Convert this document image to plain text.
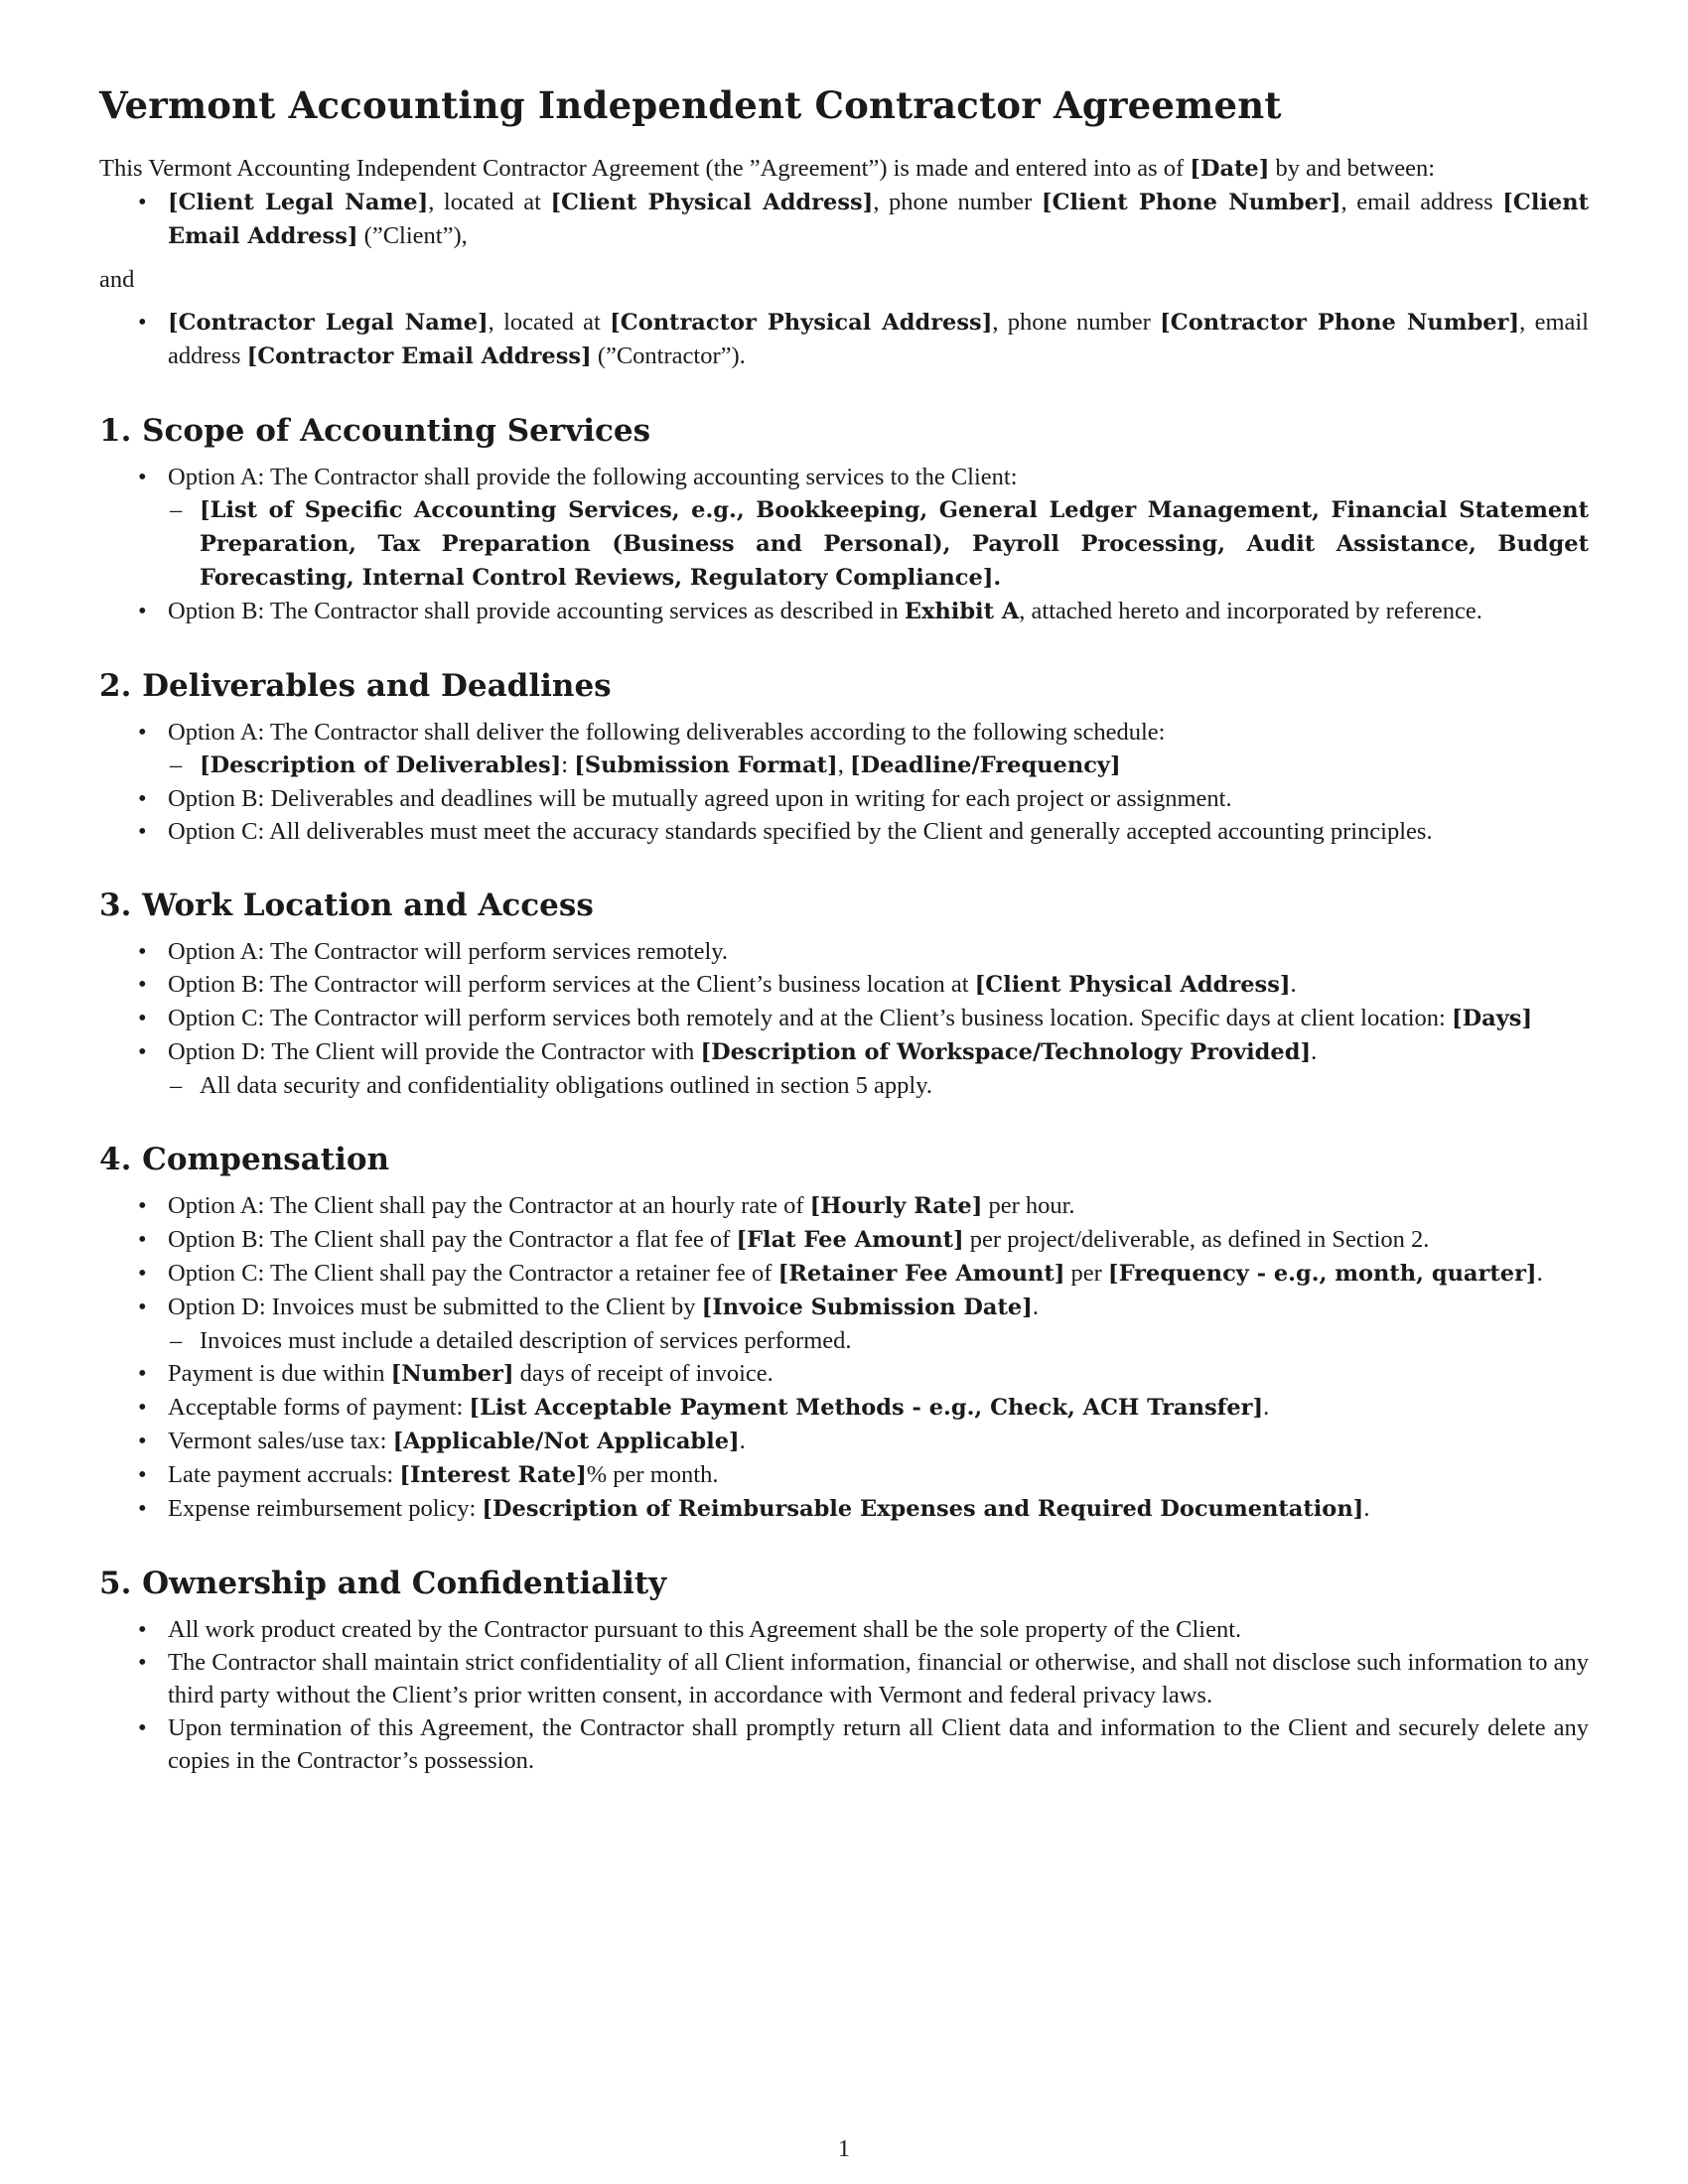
Vermont Accounting Independent Contractor Agreement

This Vermont Accounting Independent Contractor Agreement (the ”Agreement”) is made and entered into as of [Date] by and between:

• [Client Legal Name], located at [Client Physical Address], phone number [Client Phone Number], email address [Client Email Address] (”Client”),

and

• [Contractor Legal Name], located at [Contractor Physical Address], phone number [Contractor Phone Number], email address [Contractor Email Address] (”Contractor”).
1. Scope of Accounting Services
• Option A: The Contractor shall provide the following accounting services to the Client:
– [List of Specific Accounting Services, e.g., Bookkeeping, General Ledger Management, Financial Statement Preparation, Tax Preparation (Business and Personal), Payroll Processing, Audit Assistance, Budget Forecasting, Internal Control Reviews, Regulatory Compliance].
• Option B: The Contractor shall provide accounting services as described in Exhibit A, attached hereto and incorporated by reference.
2. Deliverables and Deadlines
• Option A: The Contractor shall deliver the following deliverables according to the following schedule:
– [Description of Deliverables]: [Submission Format], [Deadline/Frequency]
• Option B: Deliverables and deadlines will be mutually agreed upon in writing for each project or assignment.
• Option C: All deliverables must meet the accuracy standards specified by the Client and generally accepted accounting principles.
3. Work Location and Access
• Option A: The Contractor will perform services remotely.
• Option B: The Contractor will perform services at the Client’s business location at [Client Physical Address].
• Option C: The Contractor will perform services both remotely and at the Client’s business location. Specific days at client location: [Days]
• Option D: The Client will provide the Contractor with [Description of Workspace/Technology Provided].
– All data security and confidentiality obligations outlined in section 5 apply.
4. Compensation
• Option A: The Client shall pay the Contractor at an hourly rate of [Hourly Rate] per hour.
• Option B: The Client shall pay the Contractor a flat fee of [Flat Fee Amount] per project/deliverable, as defined in Section 2.
• Option C: The Client shall pay the Contractor a retainer fee of [Retainer Fee Amount] per [Frequency - e.g., month, quarter].
• Option D: Invoices must be submitted to the Client by [Invoice Submission Date].
– Invoices must include a detailed description of services performed.
• Payment is due within [Number] days of receipt of invoice.
• Acceptable forms of payment: [List Acceptable Payment Methods - e.g., Check, ACH Transfer].
• Vermont sales/use tax: [Applicable/Not Applicable].
• Late payment accruals: [Interest Rate]% per month.
• Expense reimbursement policy: [Description of Reimbursable Expenses and Required Documentation].
5. Ownership and Confidentiality
• All work product created by the Contractor pursuant to this Agreement shall be the sole property of the Client.
• The Contractor shall maintain strict confidentiality of all Client information, financial or otherwise, and shall not disclose such information to any third party without the Client’s prior written consent, in accordance with Vermont and federal privacy laws.
• Upon termination of this Agreement, the Contractor shall promptly return all Client data and information to the Client and securely delete any copies in the Contractor’s possession.
1
